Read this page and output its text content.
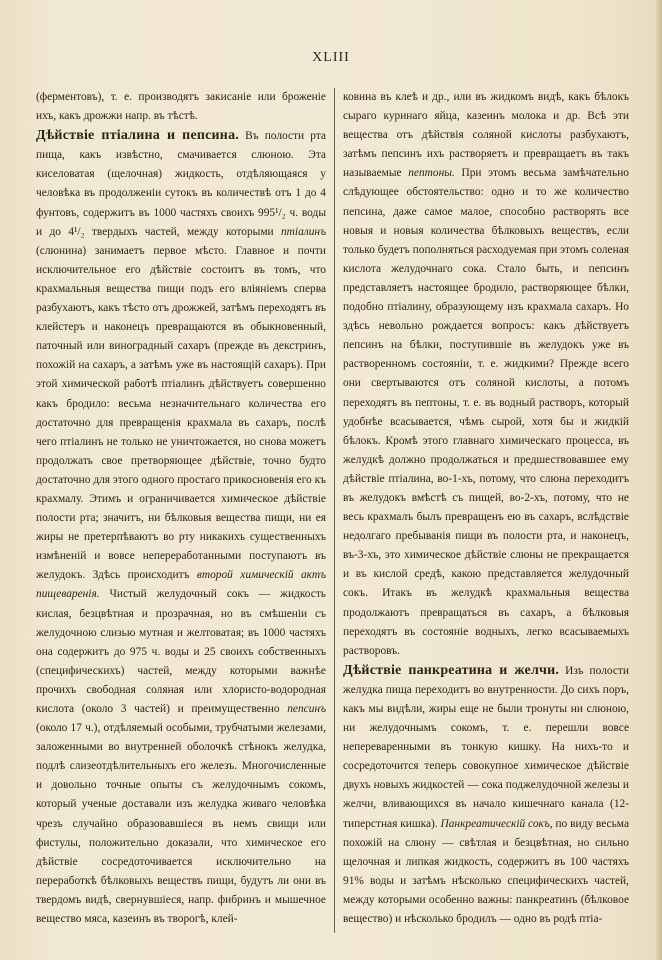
XLIII

(ферментовъ), т. е. производятъ закисаніе или броженіе ихъ, какъ дрожжи напр. въ тѣстѣ.

Дѣйствіе птіалина и пепсина. Въ полости рта пища, какъ извѣстно, смачивается слюною. Эта киселоватая (щелочная) жидкость, отдѣляющаяся у человѣка въ продолженіи сутокъ въ количествѣ отъ 1 до 4 фунтовъ, содержитъ въ 1000 частяхъ своихъ 995¹/₂ ч. воды и до 4¹/₂ твердыхъ частей, между которыми птіалинъ (слюнина) занимаетъ первое мѣсто. Главное и почти исключительное его дѣйствіе состоитъ въ томъ, что крахмальныя вещества пищи подъ его вліяніемъ сперва разбухаютъ, какъ тѣсто отъ дрожжей, затѣмъ переходятъ въ клейстеръ и наконецъ превращаются въ обыкновенный, паточный или виноградный сахаръ (прежде въ декстринъ, похожій на сахаръ, а затѣмъ уже въ настоящій сахаръ). При этой химической работѣ птіалинъ дѣйствуетъ совершенно какъ бродило: весьма незначительнаго количества его достаточно для превращенія крахмала въ сахаръ, послѣ чего птіалинъ не только не уничтожается, но снова можетъ продолжать свое претворяющее дѣйствіе, точно будто достаточно для этого одного простаго прикосновенія его къ крахмалу. Этимъ и ограничивается химическое дѣйствіе полости рта; значитъ, ни бѣлковыя вещества пищи, ни ея жиры не претерпѣваютъ во рту никакихъ существенныхъ измѣненій и вовсе непереработанными поступаютъ въ желудокъ. Здѣсь происходитъ второй химическій актъ пищеваренія. Чистый желудочный сокъ — жидкость кислая, безцвѣтная и прозрачная, но въ смѣшеніи съ желудочною слизью мутная и желтоватая; въ 1000 частяхъ она содержитъ до 975 ч. воды и 25 своихъ собственныхъ (специфическихъ) частей, между которыми важнѣе прочихъ свободная соляная или хлористо-водородная кислота (около 3 частей) и преимущественно пепсинъ (около 17 ч.), отдѣляемый особыми, трубчатыми железами, заложенными во внутренней оболочкѣ стѣнокъ желудка, подлѣ слизеотдѣлительныхъ его железъ. Многочисленные и довольно точные опыты съ желудочнымъ сокомъ, который ученые доставали изъ желудка живаго человѣка чрезъ случайно образовавшіеся въ немъ свищи или фистулы, положительно доказали, что химическое его дѣйствіе сосредоточивается исключительно на переработкѣ бѣлковыхъ веществъ пищи, будутъ ли они въ твердомъ видѣ, свернувшіеся, напр. фибринъ и мышечное вещество мяса, казеинъ въ творогѣ, клей-

ковина въ клеѣ и др., или въ жидкомъ видѣ, какъ бѣлокъ сыраго куринаго яйца, казеинъ молока и др. Всѣ эти вещества отъ дѣйствія соляной кислоты разбухаютъ, затѣмъ пепсинъ ихъ растворяетъ и превращаетъ въ такъ называемые пептоны. При этомъ весьма замѣчательно слѣдующее обстоятельство: одно и то же количество пепсина, даже самое малое, способно растворять все новыя и новыя количества бѣлковыхъ веществъ, если только будетъ пополняться расходуемая при этомъ соленая кислота желудочнаго сока. Стало быть, и пепсинъ представляетъ настоящее бродило, растворяющее бѣлки, подобно птіалину, образующему изъ крахмала сахаръ. Но здѣсь невольно рождается вопросъ: какъ дѣйствуетъ пепсинъ на бѣлки, поступившіе въ желудокъ уже въ растворенномъ состояніи, т. е. жидкими? Прежде всего они свертываются отъ соляной кислоты, а потомъ переходятъ въ пептоны, т. е. въ водный растворъ, который удобнѣе всасывается, чѣмъ сырой, хотя бы и жидкій бѣлокъ. Кромѣ этого главнаго химическаго процесса, въ желудкѣ должно продолжаться и предшествовавшее ему дѣйствіе птіалина, во-1-хъ, потому, что слюна переходитъ въ желудокъ вмѣстѣ съ пищей, во-2-хъ, потому, что не весь крахмалъ былъ превращенъ ею въ сахаръ, вслѣдствіе недолгаго пребыванія пищи въ полости рта, и наконецъ, въ-3-хъ, это химическое дѣйствіе слюны не прекращается и въ кислой средѣ, какою представляется желудочный сокъ. Итакъ въ желудкѣ крахмальныя вещества продолжаютъ превращаться въ сахаръ, а бѣлковыя переходятъ въ состояніе водныхъ, легко всасываемыхъ растворовъ.

Дѣйствіе панкреатина и желчи. Изъ полости желудка пища переходитъ во внутренности. До сихъ поръ, какъ мы видѣли, жиры еще не были тронуты ни слюною, ни желудочнымъ сокомъ, т. е. перешли вовсе непереваренными въ тонкую кишку. На нихъ-то и сосредоточится теперь совокупное химическое дѣйствіе двухъ новыхъ жидкостей — сока поджелудочной железы и желчи, вливающихся въ начало кишечнаго канала (12-типерстная кишка). Панкреатическій сокъ, по виду весьма похожій на слюну — свѣтлая и безцвѣтная, но сильно щелочная и липкая жидкость, содержитъ въ 100 частяхъ 91% воды и затѣмъ нѣсколько специфическихъ частей, между которыми особенно важны: панкреатинъ (бѣлковое вещество) и нѣсколько бродилъ — одно въ родѣ птіа-
